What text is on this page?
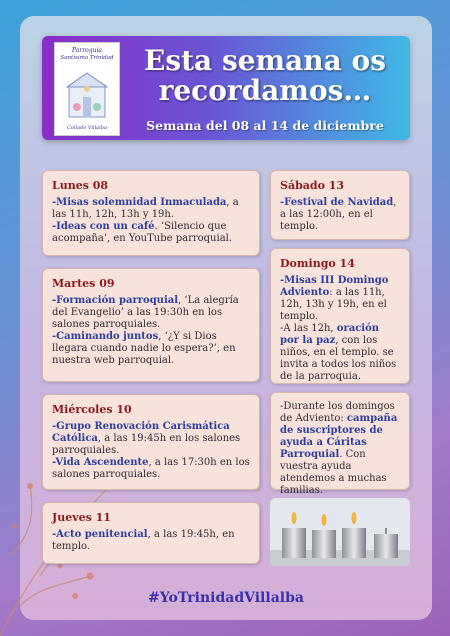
Parroquia
Santísima Trinidad
Collado Villalba
Esta semana os
recordamos…
Semana del 08 al 14 de diciembre
Lunes 08

-Misas solemnidad Inmaculada, a las 11h, 12h, 13h y 19h.

-Ideas con un café. ‘Silencio que acompaña’, en YouTube parroquial.

Martes 09

-Formación parroquial, ‘La alegría del Evangelio’ a las 19:30h en los salones parroquiales.

-Caminando juntos, ‘¿Y si Dios llegara cuando nadie lo espera?’, en nuestra web parroquial.

Miércoles 10

-Grupo Renovación Carismática Católica, a las 19:45h en los salones parroquiales.

-Vida Ascendente, a las 17:30h en los salones parroquiales.

Jueves 11

-Acto penitencial, a las 19:45h, en templo.

Sábado 13

-Festival de Navidad, a las 12:00h, en el templo.

Domingo 14

-Misas III Domingo Adviento: a las 11h, 12h, 13h y 19h, en el templo.

-A las 12h, oración por la paz, con los niños, en el templo. se invita a todos los niños de la parroquia.

-Durante los domingos de Adviento: campaña de suscriptores de ayuda a Cáritas Parroquial. Con vuestra ayuda atendemos a muchas familias.

#YoTrinidadVillalba
